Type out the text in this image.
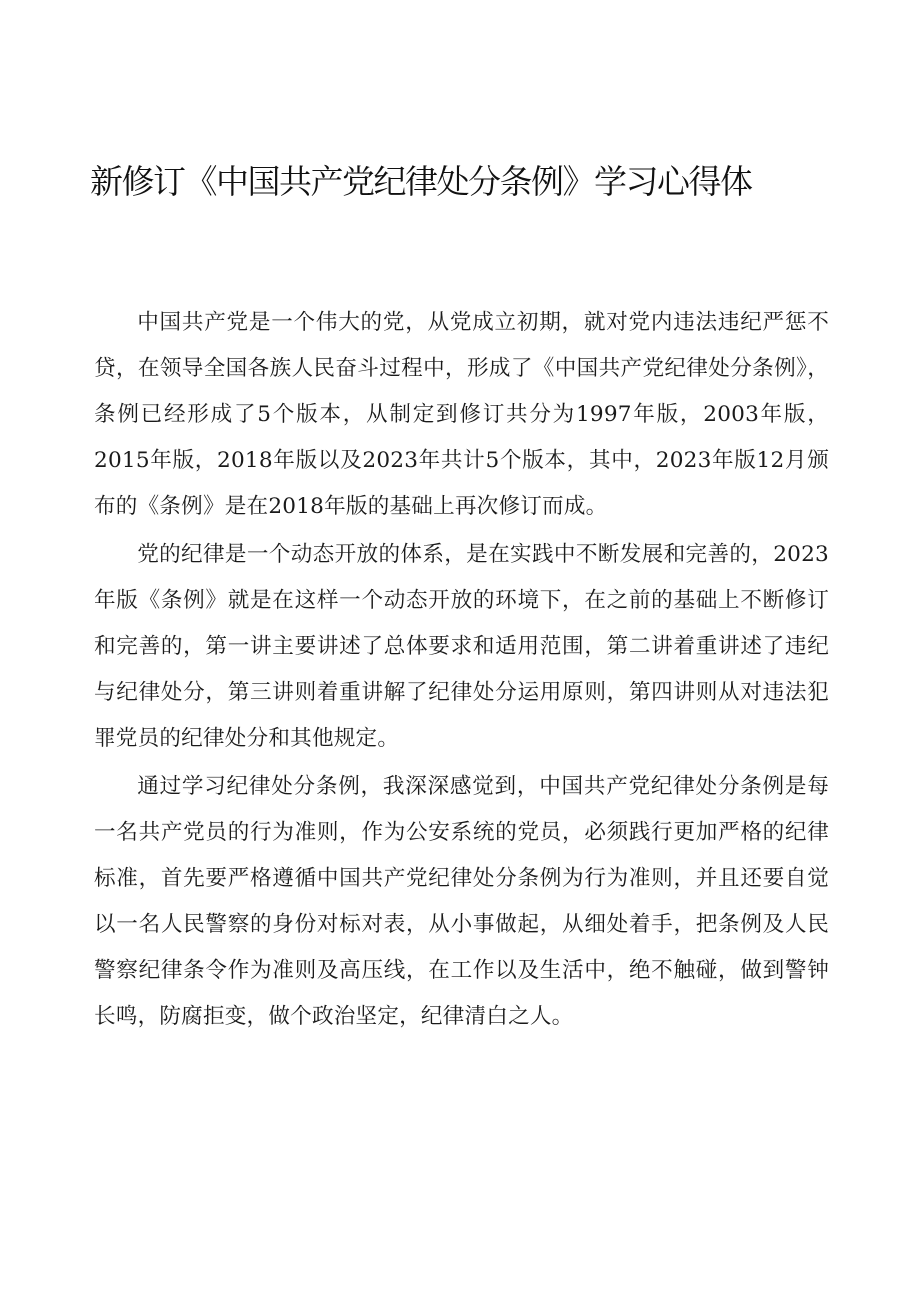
新修订《中国共产党纪律处分条例》学习心得体

中国共产党是一个伟大的党，从党成立初期，就对党内违法违纪严惩不贷，在领导全国各族人民奋斗过程中，形成了《中国共产党纪律处分条例》，条例已经形成了5个版本，从制定到修订共分为1997年版，2003年版，2015年版，2018年版以及2023年共计5个版本，其中，2023年版12月颁布的《条例》是在2018年版的基础上再次修订而成。

党的纪律是一个动态开放的体系，是在实践中不断发展和完善的，2023年版《条例》就是在这样一个动态开放的环境下，在之前的基础上不断修订和完善的，第一讲主要讲述了总体要求和适用范围，第二讲着重讲述了违纪与纪律处分，第三讲则着重讲解了纪律处分运用原则，第四讲则从对违法犯罪党员的纪律处分和其他规定。

通过学习纪律处分条例，我深深感觉到，中国共产党纪律处分条例是每一名共产党员的行为准则，作为公安系统的党员，必须践行更加严格的纪律标准，首先要严格遵循中国共产党纪律处分条例为行为准则，并且还要自觉以一名人民警察的身份对标对表，从小事做起，从细处着手，把条例及人民警察纪律条令作为准则及高压线，在工作以及生活中，绝不触碰，做到警钟长鸣，防腐拒变，做个政治坚定，纪律清白之人。
